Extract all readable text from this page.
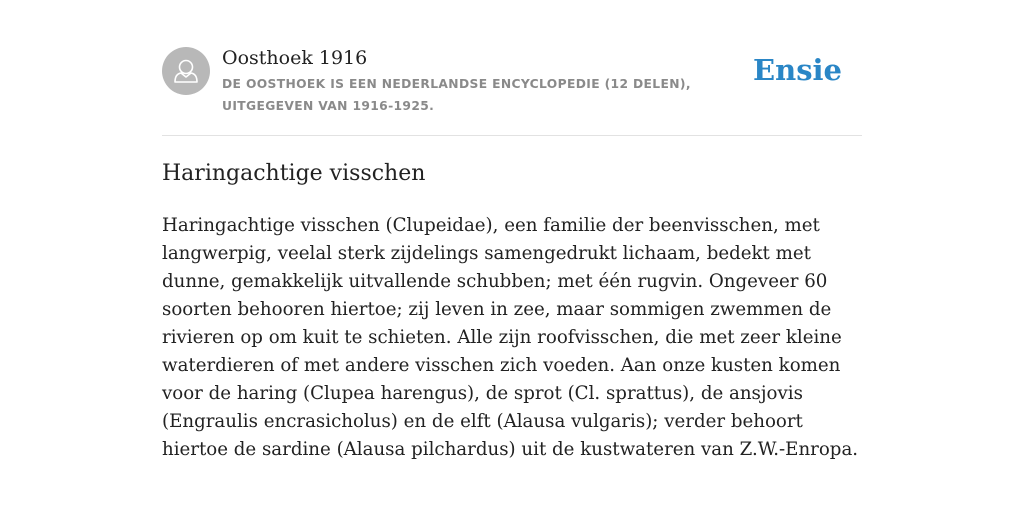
Oosthoek 1916

DE OOSTHOEK IS EEN NEDERLANDSE ENCYCLOPEDIE (12 DELEN), UITGEGEVEN VAN 1916-1925.

Ensie
Haringachtige visschen

Haringachtige visschen (Clupeidae), een familie der beenvisschen, met langwerpig, veelal sterk zijdelings samengedrukt lichaam, bedekt met dunne, gemakkelijk uitvallende schubben; met één rugvin. Ongeveer 60 soorten behooren hiertoe; zij leven in zee, maar sommigen zwemmen de rivieren op om kuit te schieten. Alle zijn roofvisschen, die met zeer kleine waterdieren of met andere visschen zich voeden. Aan onze kusten komen voor de haring (Clupea harengus), de sprot (Cl. sprattus), de ansjovis (Engraulis encrasicholus) en de elft (Alausa vulgaris); verder behoort hiertoe de sardine (Alausa pilchardus) uit de kustwateren van Z.W.-Enropa.
